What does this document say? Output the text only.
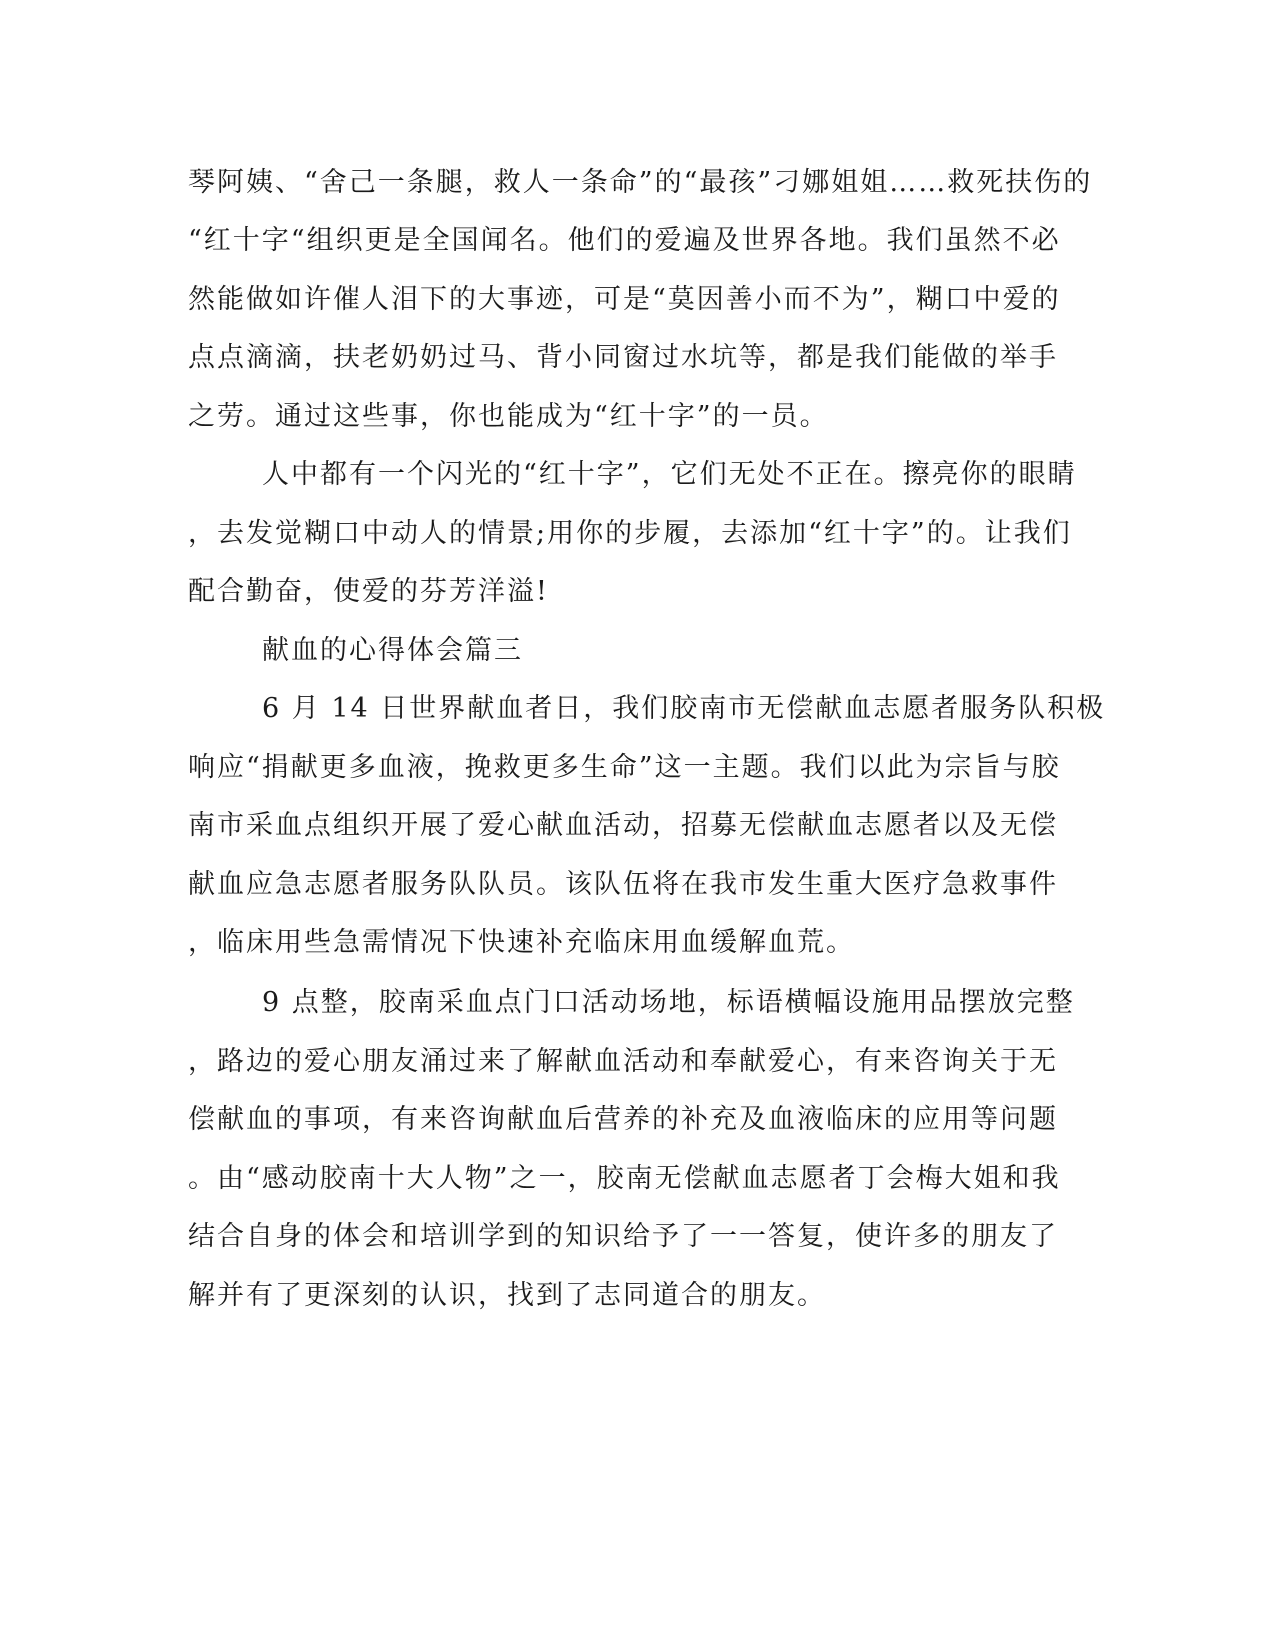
琴阿姨、“舍己一条腿，救人一条命”的“最孩”刁娜姐姐……救死扶伤的

“红十字“组织更是全国闻名。他们的爱遍及世界各地。我们虽然不必

然能做如许催人泪下的大事迹，可是“莫因善小而不为”，糊口中爱的

点点滴滴，扶老奶奶过马、背小同窗过水坑等，都是我们能做的举手

之劳。通过这些事，你也能成为“红十字”的一员。

人中都有一个闪光的“红十字”，它们无处不正在。擦亮你的眼睛

，去发觉糊口中动人的情景;用你的步履，去添加“红十字”的。让我们

配合勤奋，使爱的芬芳洋溢!

献血的心得体会篇三

6 月 14 日世界献血者日，我们胶南市无偿献血志愿者服务队积极

响应“捐献更多血液，挽救更多生命”这一主题。我们以此为宗旨与胶

南市采血点组织开展了爱心献血活动，招募无偿献血志愿者以及无偿

献血应急志愿者服务队队员。该队伍将在我市发生重大医疗急救事件

，临床用些急需情况下快速补充临床用血缓解血荒。

9 点整，胶南采血点门口活动场地，标语横幅设施用品摆放完整

，路边的爱心朋友涌过来了解献血活动和奉献爱心，有来咨询关于无

偿献血的事项，有来咨询献血后营养的补充及血液临床的应用等问题

。由“感动胶南十大人物”之一，胶南无偿献血志愿者丁会梅大姐和我

结合自身的体会和培训学到的知识给予了一一答复，使许多的朋友了

解并有了更深刻的认识，找到了志同道合的朋友。
